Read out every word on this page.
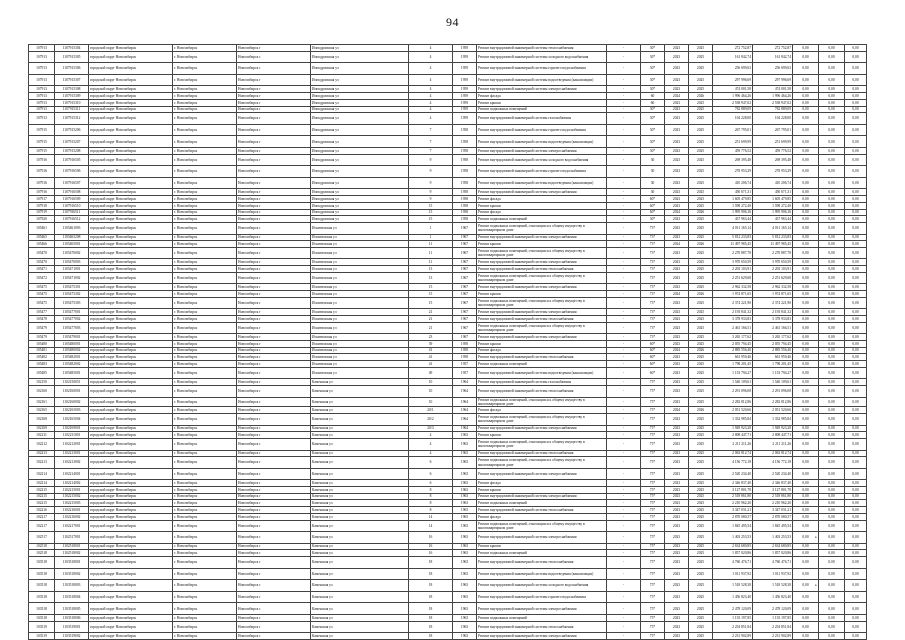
94
107913	1107915304	городской округ Новосибирск	г. Новосибирск	Новосибирск г	Ипподромская ул	4	1959	Ремонт внутридомовой инженерной системы теплоснабжения	-	30*	2023	2025	272 752,87	272 752,87	0,00	0,00	0,00
107913	1107915305	городской округ Новосибирск	г. Новосибирск	Новосибирск г	Ипподромская ул	4	1959	Ремонт внутридомовой инженерной системы холодного водоснабжения	-	30*	2023	2025	161 842,74	161 842,74	0,00	0,00	0,00
107913	1107915306	городской округ Новосибирск	г. Новосибирск	Новосибирск г	Ипподромская ул	4	1959	Ремонт внутридомовой инженерной системы горячего водоснабжения	-	30*	2023	2025	256 699,63	256 699,63	0,00	0,00	0,00
107913	1107915307	городской округ Новосибирск	г. Новосибирск	Новосибирск г	Ипподромская ул	4	1959	Ремонт внутридомовой инженерной системы водоотведения (канализации)	-	30*	2023	2025	297 996,69	297 996,69	0,00	0,00	0,00
107913	1107915308	городской округ Новосибирск	г. Новосибирск	Новосибирск г	Ипподромская ул	4	1959	Ремонт внутридомовой инженерной системы электроснабжения	-	30*	2023	2025	474 001,58	474 001,58	0,00	0,00	0,00
107913	1107915309	городской округ Новосибирск	г. Новосибирск	Новосибирск г	Ипподромская ул	4	1959	Ремонт фасада	-	60	2024	2026	1 996 464,26	1 996 464,26	0,00	0,00	0,00
107913	1107915310	городской округ Новосибирск	г. Новосибирск	Новосибирск г	Ипподромская ул	4	1959	Ремонт крыши	-	60	2023	2025	2 538 947,02	2 538 947,02	0,00	0,00	0,00
107913	1107915311	городской округ Новосибирск	г. Новосибирск	Новосибирск г	Ипподромская ул	4	1959	Ремонт подвальных помещений	-	30*	2023	2025	782 889,09	782 889,09	0,00	0,00	0,00
107913	1107915312	городской округ Новосибирск	г. Новосибирск	Новосибирск г	Ипподромская ул	4	1959	Ремонт внутридомовой инженерной системы газоснабжения	-	30*	2023	2025	104 228,00	104 228,00	0,00	0,00	0,00
107915	1107915206	городской округ Новосибирск	г. Новосибирск	Новосибирск г	Ипподромская ул	7	1958	Ремонт внутридомовой инженерной системы горячего водоснабжения	-	30*	2023	2025	267 795,01	267 795,01	0,00	0,00	0,00
107915	1107915207	городской округ Новосибирск	г. Новосибирск	Новосибирск г	Ипподромская ул	7	1958	Ремонт внутридомовой инженерной системы водоотведения (канализации)	-	30*	2023	2025	251 699,99	251 699,99	0,00	0,00	0,00
107915	1107915208	городской округ Новосибирск	г. Новосибирск	Новосибирск г	Ипподромская ул	7	1958	Ремонт внутридомовой инженерной системы электроснабжения	-	30*	2023	2025	459 776,52	459 776,52	0,00	0,00	0,00
107916	1107916505	городской округ Новосибирск	г. Новосибирск	Новосибирск г	Ипподромская ул	9	1958	Ремонт внутридомовой инженерной системы холодного водоснабжения	-	30	2023	2025	269 395,48	269 395,48	0,00	0,00	0,00
107916	1107916506	городской округ Новосибирск	г. Новосибирск	Новосибирск г	Ипподромская ул	9	1958	Ремонт внутридомовой инженерной системы горячего водоснабжения	-	30	2023	2025	278 953,29	278 953,29	0,00	0,00	0,00
107916	1107916507	городской округ Новосибирск	г. Новосибирск	Новосибирск г	Ипподромская ул	9	1958	Ремонт внутридомовой инженерной системы водоотведения (канализации)	-	30	2023	2025	410 206,74	410 206,74	0,00	0,00	0,00
107916	1107916508	городской округ Новосибирск	г. Новосибирск	Новосибирск г	Ипподромская ул	9	1958	Ремонт внутридомовой инженерной системы электроснабжения	-	30	2023	2025	450 671,31	450 671,31	0,00	0,00	0,00
107917	1107916509	городской округ Новосибирск	г. Новосибирск	Новосибирск г	Ипподромская ул	9	1958	Ремонт фасада	-	60*	2023	2025	1 605 479,85	1 605 479,85	0,00	0,00	0,00
107918	1107916510	городской округ Новосибирск	г. Новосибирск	Новосибирск г	Ипподромская ул	15	1958	Ремонт крыши	-	60*	2023	2025	1 598 272,40	1 598 272,40	0,00	0,00	0,00
107919	1107916511	городской округ Новосибирск	г. Новосибирск	Новосибирск г	Ипподромская ул	15	1958	Ремонт фасада	-	60*	2024	2026	1 995 906,16	1 995 906,16	0,00	0,00	0,00
107920	1107916512	городской округ Новосибирск	г. Новосибирск	Новосибирск г	Ипподромская ул	15	1958	Ремонт подвальных помещений	-	30*	2023	2025	437 963,44	437 963,44	0,00	0,00	0,00
105461	1105461003	городской округ Новосибирск	г. Новосибирск	Новосибирск г	Искитимская ул	1	1967	Ремонт подвальных помещений, относящихся к общему имуществу в многоквартирном доме	-	73*	2023	2025	4 011 165,14	4 011 165,14	0,00	0,00	0,00
105465	1105465208	городской округ Новосибирск	г. Новосибирск	Новосибирск г	Искитимская ул	1	1967	Ремонт внутридомовой инженерной системы электроснабжения	-	73*	2023	2025	5 812 233,83	5 812 233,83	0,00	0,00	0,00
105466	1105465001	городской округ Новосибирск	г. Новосибирск	Новосибирск г	Искитимская ул	11	1967	Ремонт крыши	-	73*	2024	2026	11 497 985,45	11 497 985,45	0,00	0,00	0,00
105470	1105470002	городской округ Новосибирск	г. Новосибирск	Новосибирск г	Искитимская ул	11	1967	Ремонт подвальных помещений, относящихся к общему имуществу в многоквартирном доме	-	73*	2023	2025	2 270 887,78	2 270 887,78	0,00	0,00	0,00
105470	1105470003	городской округ Новосибирск	г. Новосибирск	Новосибирск г	Искитимская ул	11	1967	Ремонт внутридомовой инженерной системы электроснабжения	-	73*	2023	2025	3 970 650,59	3 970 650,59	0,00	0,00	0,00
105471	1105471001	городской округ Новосибирск	г. Новосибирск	Новосибирск г	Искитимская ул	13	1967	Ремонт внутридомовой инженерной системы теплоснабжения	-	73*	2023	2025	2 203 103,91	2 203 103,91	0,00	0,00	0,00
105472	1105471002	городской округ Новосибирск	г. Новосибирск	Новосибирск г	Искитимская ул	13	1967	Ремонт подвальных помещений, относящихся к общему имуществу в многоквартирном доме	-	73*	2023	2025	2 251 629,68	2 251 629,68	0,00	0,00	0,00
105475	1105475301	городской округ Новосибирск	г. Новосибирск	Новосибирск г	Искитимская ул	15	1967	Ремонт внутридомовой инженерной системы электроснабжения	-	73*	2023	2025	2 962 332,58	2 962 332,58	0,00	0,00	0,00
105475	1105475302	городской округ Новосибирск	г. Новосибирск	Новосибирск г	Искитимская ул	15	1967	Ремонт крыши	-	73*	2024	2026	1 974 871,65	1 974 871,65	0,00	0,00	0,00
105475	1105475303	городской округ Новосибирск	г. Новосибирск	Новосибирск г	Искитимская ул	15	1967	Ремонт подвальных помещений, относящихся к общему имуществу в многоквартирном доме	-	73*	2023	2025	2 374 221,90	2 374 221,90	0,00	0,00	0,00
105477	1105477001	городской округ Новосибирск	г. Новосибирск	Новосибирск г	Искитимская ул	21	1967	Ремонт внутридомовой инженерной системы электроснабжения	-	73*	2023	2025	2 193 841,32	2 193 841,32	0,00	0,00	0,00
105478	1105477002	городской округ Новосибирск	г. Новосибирск	Новосибирск г	Искитимская ул	21	1967	Ремонт внутридомовой инженерной системы теплоснабжения	-	73*	2023	2025	3 378 933,83	3 378 933,83	0,00	0,00	0,00
105479	1105477003	городской округ Новосибирск	г. Новосибирск	Новосибирск г	Искитимская ул	21	1967	Ремонт подвальных помещений, относящихся к общему имуществу в многоквартирном доме	-	73*	2023	2025	2 461 166,51	2 461 166,51	0,00	0,00	0,00
105479	1105479001	городской округ Новосибирск	г. Новосибирск	Новосибирск г	Искитимская ул	23	1967	Ремонт внутридомовой инженерной системы электроснабжения	-	73*	2023	2025	3 265 177,62	3 265 177,62	0,00	0,00	0,00
105480	1105480001	городской округ Новосибирск	г. Новосибирск	Новосибирск г	Искитимская ул	39	1958	Ремонт крыши	-	60*	2023	2025	2 055 794,45	2 055 794,45	0,00	0,00	0,00
105481	1105480002	городской округ Новосибирск	г. Новосибирск	Новосибирск г	Искитимская ул	41	1958	Ремонт фасада	-	60*	2024	2026	2 885 556,40	2 885 556,40	0,00	0,00	0,00
105482	1105482001	городской округ Новосибирск	г. Новосибирск	Новосибирск г	Искитимская ул	41	1958	Ремонт внутридомовой инженерной системы теплоснабжения	-	60*	2023	2025	661 959,46	661 959,46	0,00	0,00	0,00
105483	1105482002	городской округ Новосибирск	г. Новосибирск	Новосибирск г	Искитимская ул	41	1957	Ремонт подвальных помещений	-	60*	2023	2025	1 798 201,45	1 798 201,45	0,00	0,00	0,00
105485	1105485001	городской округ Новосибирск	г. Новосибирск	Новосибирск г	Искитимская ул	49	1957	Ремонт внутридомовой инженерной системы водоотведения (канализации)	-	60*	2023	2025	1 153 794,27	1 153 794,27	0,00	0,00	0,00
102150	1102150051	городской округ Новосибирск	г. Новосибирск	Новосибирск г	Каменская ул	10	1964	Ремонт внутридомовой инженерной системы газоснабжения	-	75*	2023	2025	1 540 109,61	1 540 109,61	0,00	0,00	0,00
102160	1102160001	городской округ Новосибирск	г. Новосибирск	Новосибирск г	Каменская ул	10	1964	Ремонт внутридомовой инженерной системы теплоснабжения	-	75*	2023	2025	2 291 096,08	2 291 096,08	0,00	0,00	0,00
102161	1102160002	городской округ Новосибирск	г. Новосибирск	Новосибирск г	Каменская ул	10	1964	Ремонт подвальных помещений, относящихся к общему имуществу в многоквартирном доме	-	75*	2023	2025	2 282 812,86	2 282 812,86	0,00	0,00	0,00
102165	1102165003	городской округ Новосибирск	г. Новосибирск	Новосибирск г	Каменская ул	20/1	1964	Ремонт фасада	-	75*	2024	2026	2 051 520,66	2 051 520,66	0,00	0,00	0,00
102168	1102165004	городской округ Новосибирск	г. Новосибирск	Новосибирск г	Каменская ул	20/2	1964	Ремонт подвальных помещений, относящихся к общему имуществу в многоквартирном доме	-	75*	2023	2025	1 332 985,84	1 332 985,84	0,00	0,00	0,00
102169	1102169001	городской округ Новосибирск	г. Новосибирск	Новосибирск г	Каменская ул	20/3	1964	Ремонт внутридомовой инженерной системы электроснабжения	-	75*	2023	2025	1 949 923,20	1 949 923,20	0,00	0,00	0,00
102211	1102211001	городской округ Новосибирск	г. Новосибирск	Новосибирск г	Каменская ул	4	1963	Ремонт крыши	-	75*	2023	2025	2 808 447,71	2 808 447,71	0,00	0,00	0,00
102212	1102212001	городской округ Новосибирск	г. Новосибирск	Новосибирск г	Каменская ул	4	1963	Ремонт подвальных помещений, относящихся к общему имуществу в многоквартирном доме	-	75*	2023	2025	2 211 211,26	2 211 211,26	0,00	0,00	0,00
102213	1102213001	городской округ Новосибирск	г. Новосибирск	Новосибирск г	Каменская ул	4	1963	Ремонт внутридомовой инженерной системы теплоснабжения	-	75*	2023	2025	2 063 812,74	2 063 812,74	0,00	0,00	0,00
102213	1102213002	городской округ Новосибирск	г. Новосибирск	Новосибирск г	Каменская ул	6	1963	Ремонт подвальных помещений, относящихся к общему имуществу в многоквартирном доме	-	75*	2023	2025	4 156 772,18	4 156 772,18	0,00	0,00	0,00
102214	1102214001	городской округ Новосибирск	г. Новосибирск	Новосибирск г	Каменская ул	6	1963	Ремонт внутридомовой инженерной системы электроснабжения	-	75*	2023	2025	2 520 234,40	2 520 234,40	0,00	0,00	0,00
102214	1102214002	городской округ Новосибирск	г. Новосибирск	Новосибирск г	Каменская ул	6	1963	Ремонт фасада	-	75*	2023	2025	2 346 837,40	2 346 837,40	0,00	0,00	0,00
102215	1102215001	городской округ Новосибирск	г. Новосибирск	Новосибирск г	Каменская ул	8	1963	Ремонт крыши	-	75*	2023	2025	3 127 801,78	3 127 801,78	0,00	0,00	0,00
102215	1102215002	городской округ Новосибирск	г. Новосибирск	Новосибирск г	Каменская ул	8	1963	Ремонт внутридомовой инженерной системы электроснабжения	-	75*	2023	2025	2 518 861,80	2 518 861,80	0,00	0,00	0,00
102215	1102215003	городской округ Новосибирск	г. Новосибирск	Новосибирск г	Каменская ул	8	1963	Ремонт подвальных помещений	-	75*	2023	2025	2 210 962,20	2 210 962,20	0,00	0,00	0,00
102216	1102216001	городской округ Новосибирск	г. Новосибирск	Новосибирск г	Каменская ул	8	1963	Ремонт внутридомовой инженерной системы теплоснабжения	-	75*	2023	2025	3 347 031,21	3 347 031,21	0,00	0,00	0,00
102217	1102216002	городской округ Новосибирск	г. Новосибирск	Новосибирск г	Каменская ул	14	1963	Ремонт фасада	-	75*	2023	2025	2 870 080,57	2 870 080,57	0,00	0,00	0,00
102217	1102217001	городской округ Новосибирск	г. Новосибирск	Новосибирск г	Каменская ул	14	1963	Ремонт подвальных помещений, относящихся к общему имуществу в многоквартирном доме	-	75*	2023	2025	1 845 495,54	1 845 495,54	0,00	0,00	0,00
102517	1102517001	городской округ Новосибирск	г. Новосибирск	Новосибирск г	Каменская ул	16	1963	Ремонт внутридомовой инженерной системы электроснабжения	-	75*	2023	2025	1 403 253,53	1 403 253,53	0,00	0,00	0,00
102518	1102518001	городской округ Новосибирск	г. Новосибирск	Новосибирск г	Каменская ул	16	1963	Ремонт крыши	-	75*	2023	2025	2 634 680,85	2 634 680,85	0,00	0,00	0,00
102518	1102518002	городской округ Новосибирск	г. Новосибирск	Новосибирск г	Каменская ул	16	1963	Ремонт подвальных помещений	-	75*	2023	2025	1 857 020,86	1 857 020,86	0,00	0,00	0,00
103518	1103518001	городской округ Новосибирск	г. Новосибирск	Новосибирск г	Каменская ул	18	1963	Ремонт внутридомовой инженерной системы теплоснабжения	-	75*	2023	2025	4 760 476,71	4 760 476,71	0,00	0,00	0,00
103518	1103518002	городской округ Новосибирск	г. Новосибирск	Новосибирск г	Каменская ул	18	1963	Ремонт внутридомовой инженерной системы водоотведения (канализации)	-	75*	2023	2025	1 011 937,92	1 011 937,92	0,00	0,00	0,00
103518	1103518003	городской округ Новосибирск	г. Новосибирск	Новосибирск г	Каменская ул	18	1963	Ремонт внутридомовой инженерной системы холодного водоснабжения	-	75*	2023	2025	1 518 528,38	1 518 528,38	0,00	0,00	0,00
103518	1103518004	городской округ Новосибирск	г. Новосибирск	Новосибирск г	Каменская ул	18	1963	Ремонт внутридомовой инженерной системы горячего водоснабжения	-	75*	2023	2025	1 456 823,40	1 456 823,40	0,00	0,00	0,00
103518	1103518005	городской округ Новосибирск	г. Новосибирск	Новосибирск г	Каменская ул	18	1963	Ремонт внутридомовой инженерной системы электроснабжения	-	75*	2023	2025	2 478 120,09	2 478 120,09	0,00	0,00	0,00
103518	1103518006	городской округ Новосибирск	г. Новосибирск	Новосибирск г	Каменская ул	18	1963	Ремонт подвальных помещений	-	75*	2023	2025	1 135 197,85	1 135 197,85	0,00	0,00	0,00
103519	1103519001	городской округ Новосибирск	г. Новосибирск	Новосибирск г	Каменская ул	18	1963	Ремонт внутридомовой инженерной системы теплоснабжения	-	75*	2023	2025	2 254 851,84	2 254 851,84	0,00	0,00	0,00
103519	1103519002	городской округ Новосибирск	г. Новосибирск	Новосибирск г	Каменская ул	18	1963	Ремонт внутридомовой инженерной системы электроснабжения	-	75*	2023	2025	2 231 902,89	2 231 902,89	0,00	0,00	0,00
•
•
